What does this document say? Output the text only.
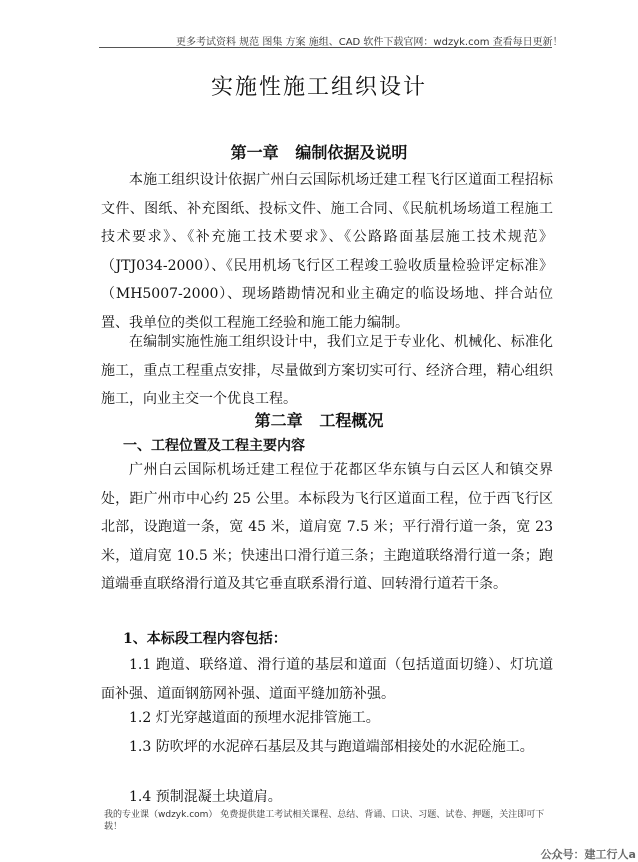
更多考试资料 规范 图集 方案 施组、CAD 软件下载官网：wdzyk.com 查看每日更新！
实施性施工组织设计
第一章   编制依据及说明
本施工组织设计依据广州白云国际机场迁建工程飞行区道面工程招标文件、图纸、补充图纸、投标文件、施工合同、《民航机场场道工程施工技术要求》、《补充施工技术要求》、《公路路面基层施工技术规范》（JTJ034-2000）、《民用机场飞行区工程竣工验收质量检验评定标准》（MH5007-2000）、现场踏勘情况和业主确定的临设场地、拌合站位置、我单位的类似工程施工经验和施工能力编制。
在编制实施性施工组织设计中，我们立足于专业化、机械化、标准化施工，重点工程重点安排，尽量做到方案切实可行、经济合理，精心组织施工，向业主交一个优良工程。
第二章   工程概况
一、工程位置及工程主要内容
广州白云国际机场迁建工程位于花都区华东镇与白云区人和镇交界处，距广州市中心约 25 公里。本标段为飞行区道面工程，位于西飞行区北部，设跑道一条，宽 45 米，道肩宽 7.5 米；平行滑行道一条，宽 23 米，道肩宽 10.5 米；快速出口滑行道三条；主跑道联络滑行道一条；跑道端垂直联络滑行道及其它垂直联系滑行道、回转滑行道若干条。
1、本标段工程内容包括：
1.1 跑道、联络道、滑行道的基层和道面（包括道面切缝）、灯坑道面补强、道面钢筋网补强、道面平缝加筋补强。
1.2 灯光穿越道面的预埋水泥排管施工。
1.3 防吹坪的水泥碎石基层及其与跑道端部相接处的水泥砼施工。
1.4 预制混凝土块道肩。
我的专业课（wdzyk.com） 免费提供建工考试相关课程、总结、背诵、口诀、习题、试卷、押题，关注即可下载！
公众号：建工行人a
